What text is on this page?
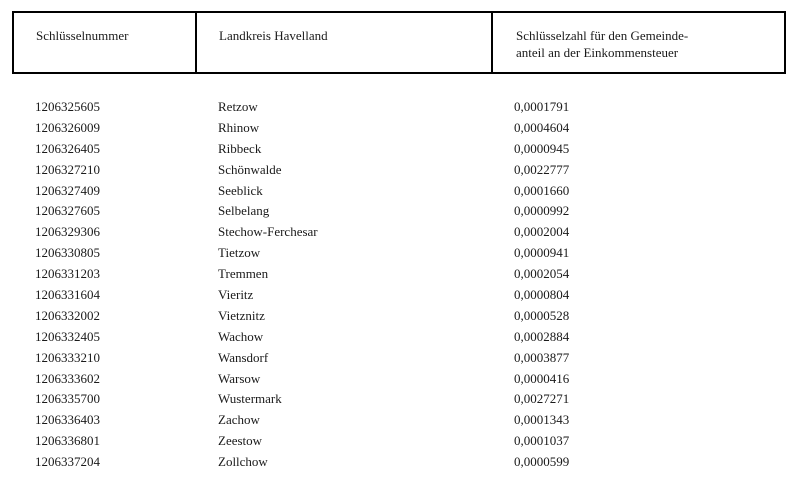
Schlüsselnummer	Landkreis Havelland	Schlüsselzahl für den Gemeinde-
anteil an der Einkommensteuer
1206325605	Retzow	0,0001791
1206326009	Rhinow	0,0004604
1206326405	Ribbeck	0,0000945
1206327210	Schönwalde	0,0022777
1206327409	Seeblick	0,0001660
1206327605	Selbelang	0,0000992
1206329306	Stechow-Ferchesar	0,0002004
1206330805	Tietzow	0,0000941
1206331203	Tremmen	0,0002054
1206331604	Vieritz	0,0000804
1206332002	Vietznitz	0,0000528
1206332405	Wachow	0,0002884
1206333210	Wansdorf	0,0003877
1206333602	Warsow	0,0000416
1206335700	Wustermark	0,0027271
1206336403	Zachow	0,0001343
1206336801	Zeestow	0,0001037
1206337204	Zollchow	0,0000599
